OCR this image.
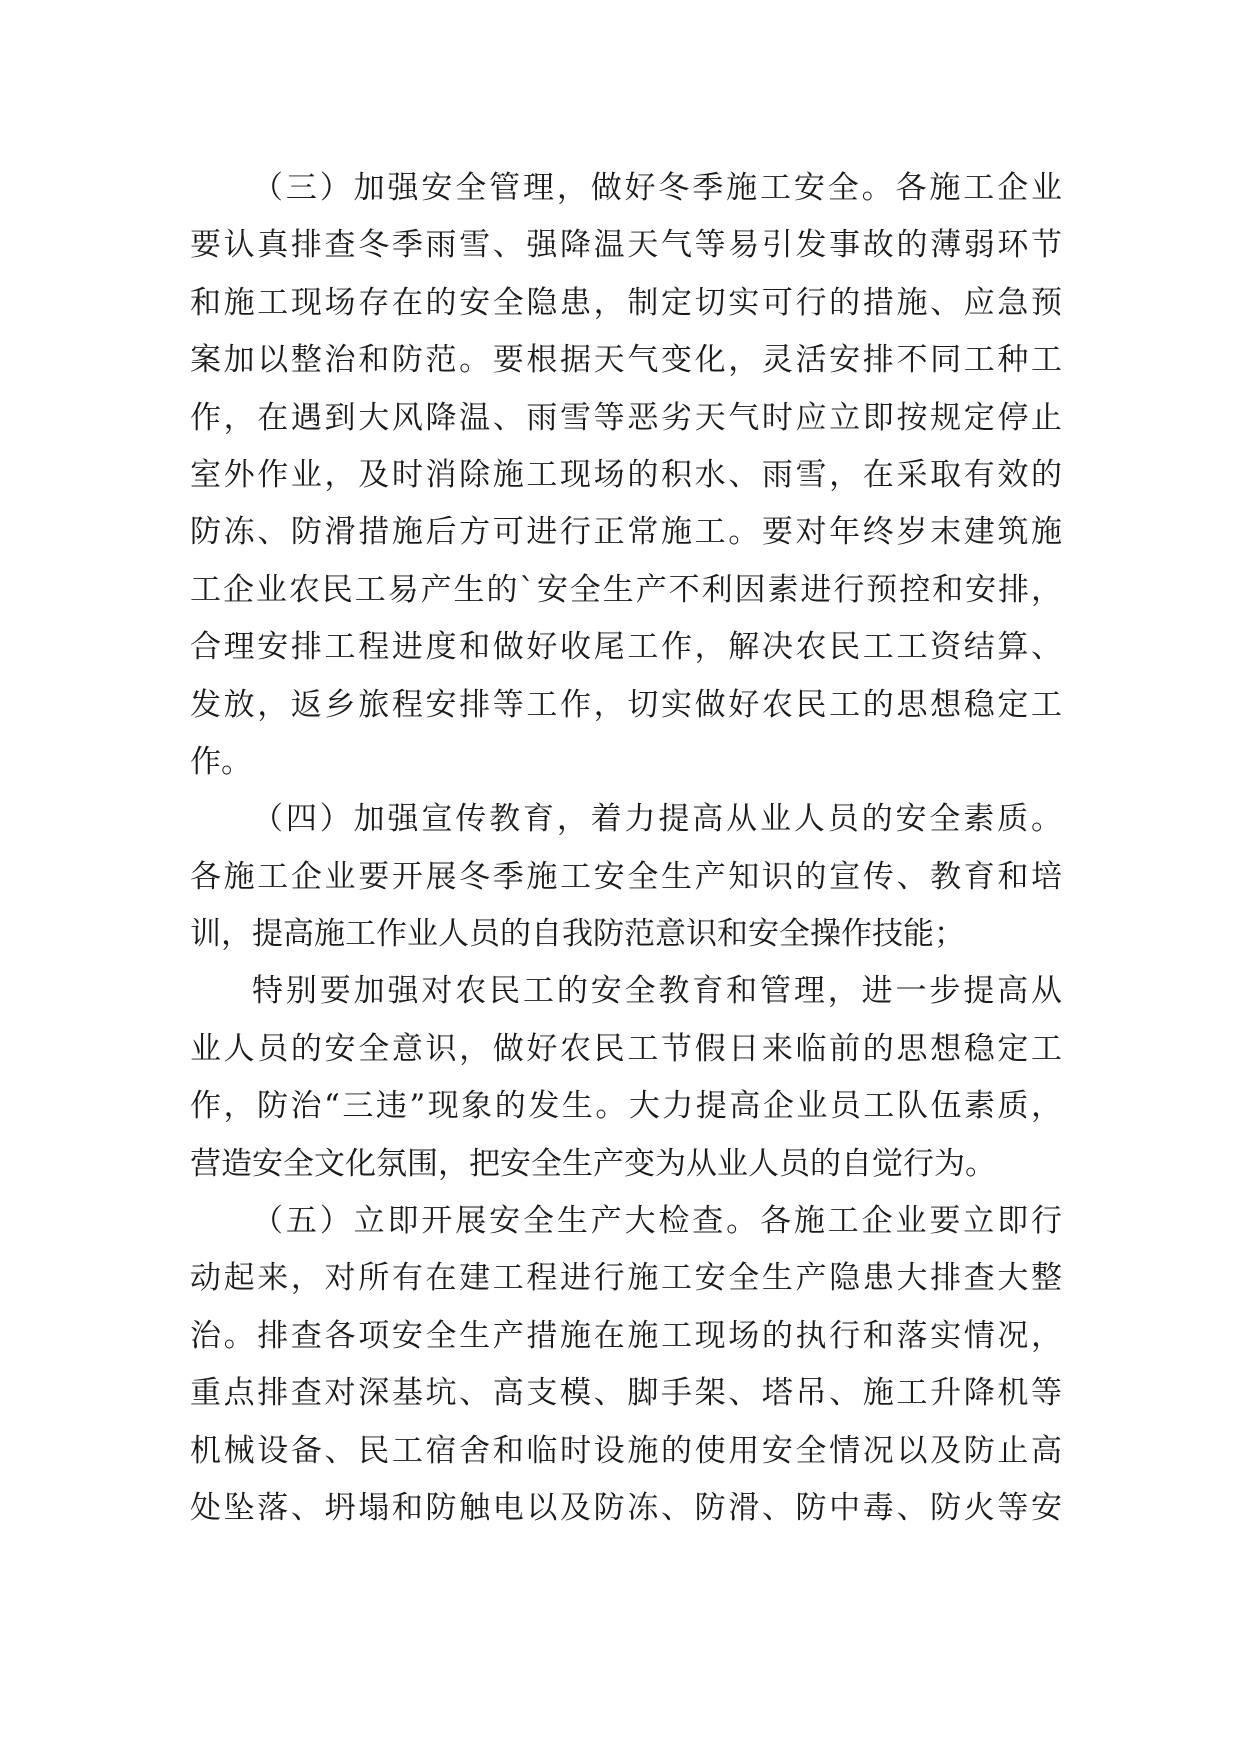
（三）加强安全管理，做好冬季施工安全。各施工企业
要认真排查冬季雨雪、强降温天气等易引发事故的薄弱环节
和施工现场存在的安全隐患，制定切实可行的措施、应急预
案加以整治和防范。要根据天气变化，灵活安排不同工种工
作，在遇到大风降温、雨雪等恶劣天气时应立即按规定停止
室外作业，及时消除施工现场的积水、雨雪，在采取有效的
防冻、防滑措施后方可进行正常施工。要对年终岁末建筑施
工企业农民工易产生的`安全生产不利因素进行预控和安排，
合理安排工程进度和做好收尾工作，解决农民工工资结算、
发放，返乡旅程安排等工作，切实做好农民工的思想稳定工
作。
（四）加强宣传教育，着力提高从业人员的安全素质。
各施工企业要开展冬季施工安全生产知识的宣传、教育和培
训，提高施工作业人员的自我防范意识和安全操作技能；
特别要加强对农民工的安全教育和管理，进一步提高从
业人员的安全意识，做好农民工节假日来临前的思想稳定工
作，防治“三违”现象的发生。大力提高企业员工队伍素质，
营造安全文化氛围，把安全生产变为从业人员的自觉行为。
（五）立即开展安全生产大检查。各施工企业要立即行
动起来，对所有在建工程进行施工安全生产隐患大排查大整
治。排查各项安全生产措施在施工现场的执行和落实情况，
重点排查对深基坑、高支模、脚手架、塔吊、施工升降机等
机械设备、民工宿舍和临时设施的使用安全情况以及防止高
处坠落、坍塌和防触电以及防冻、防滑、防中毒、防火等安
